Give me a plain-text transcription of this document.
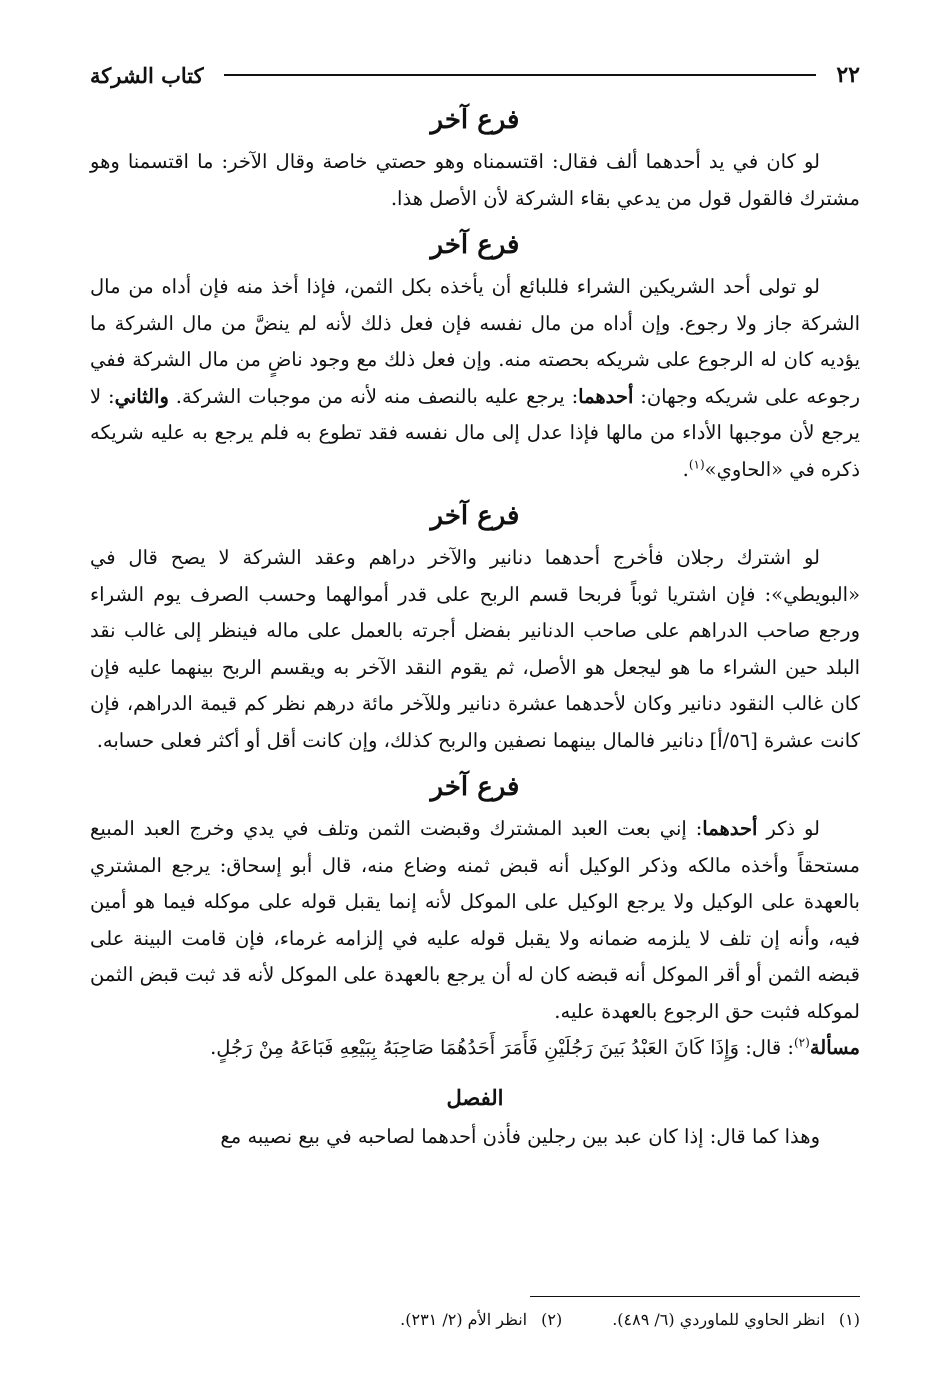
٢٢
كتاب الشركة
فرع آخر

لو كان في يد أحدهما ألف فقال: اقتسمناه وهو حصتي خاصة وقال الآخر: ما اقتسمنا وهو مشترك فالقول قول من يدعي بقاء الشركة لأن الأصل هذا.

فرع آخر

لو تولى أحد الشريكين الشراء فللبائع أن يأخذه بكل الثمن، فإذا أخذ منه فإن أداه من مال الشركة جاز ولا رجوع. وإن أداه من مال نفسه فإن فعل ذلك لأنه لم ينضَّ من مال الشركة ما يؤديه كان له الرجوع على شريكه بحصته منه. وإن فعل ذلك مع وجود ناضٍ من مال الشركة ففي رجوعه على شريكه وجهان: أحدهما: يرجع عليه بالنصف منه لأنه من موجبات الشركة. والثاني: لا يرجع لأن موجبها الأداء من مالها فإذا عدل إلى مال نفسه فقد تطوع به فلم يرجع به عليه شريكه ذكره في «الحاوي»$^{(١)}$.

فرع آخر

لو اشترك رجلان فأخرج أحدهما دنانير والآخر دراهم وعقد الشركة لا يصح قال في «البويطي»: فإن اشتريا ثوباً فربحا قسم الربح على قدر أموالهما وحسب الصرف يوم الشراء ورجع صاحب الدراهم على صاحب الدنانير بفضل أجرته بالعمل على ماله فينظر إلى غالب نقد البلد حين الشراء ما هو ليجعل هو الأصل، ثم يقوم النقد الآخر به ويقسم الربح بينهما عليه فإن كان غالب النقود دنانير وكان لأحدهما عشرة دنانير وللآخر مائة درهم نظر كم قيمة الدراهم، فإن كانت عشرة [٥٦/أ] دنانير فالمال بينهما نصفين والربح كذلك، وإن كانت أقل أو أكثر فعلى حسابه.

فرع آخر

لو ذكر أحدهما: إني بعت العبد المشترك وقبضت الثمن وتلف في يدي وخرج العبد المبيع مستحقاً وأخذه مالكه وذكر الوكيل أنه قبض ثمنه وضاع منه، قال أبو إسحاق: يرجع المشتري بالعهدة على الوكيل ولا يرجع الوكيل على الموكل لأنه إنما يقبل قوله على موكله فيما هو أمين فيه، وأنه إن تلف لا يلزمه ضمانه ولا يقبل قوله عليه في إلزامه غرماء، فإن قامت البينة على قبضه الثمن أو أقر الموكل أنه قبضه كان له أن يرجع بالعهدة على الموكل لأنه قد ثبت قبض الثمن لموكله فثبت حق الرجوع بالعهدة عليه.

مسألة$^{(٢)}$: قال: وَإِذَا كَانَ العَبْدُ بَينَ رَجُلَيْنِ فَأَمَرَ أَحَدُهُمَا صَاحِبَهُ بِبَيْعِهِ فَبَاعَهُ مِنْ رَجُلٍ.

الفصل

وهذا كما قال: إذا كان عبد بين رجلين فأذن أحدهما لصاحبه في بيع نصيبه مع

(١)انظر الحاوي للماوردي (٦/ ٤٨٩).
(٢)انظر الأم (٢/ ٢٣١).
